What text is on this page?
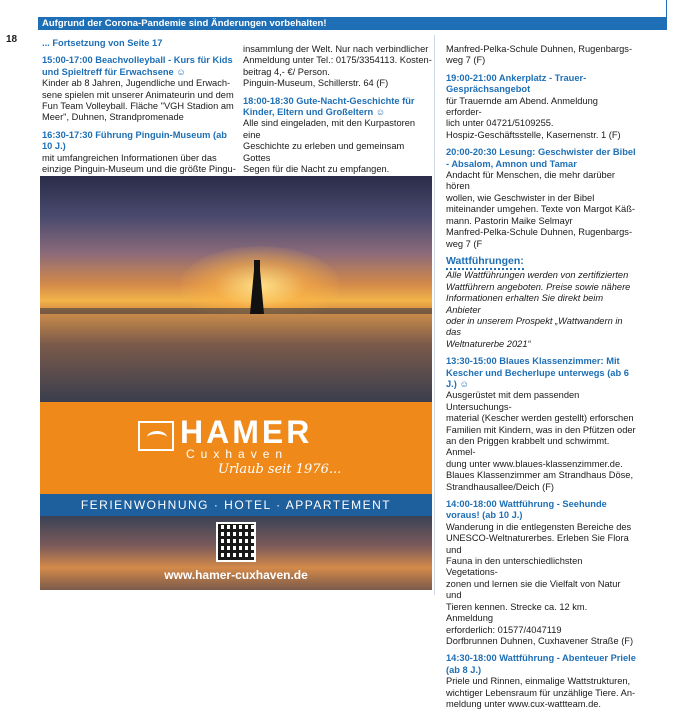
Aufgrund der Corona-Pandemie sind Änderungen vorbehalten!
18	... Fortsetzung von Seite 17

15:00-17:00 Beachvolleyball - Kurs für Kids und Spieltreff für Erwachsene ☺

Kinder ab 8 Jahren, Jugendliche und Erwach-

sene spielen mit unserer Animateurin und dem

Fun Team Volleyball. Fläche "VGH Stadion am

Meer", Duhnen, Strandpromenade

16:30-17:30 Führung Pinguin-Museum (ab 10 J.)

mit umfangreichen Informationen über das

einzige Pinguin-Museum und die größte Pingu-

insammlung der Welt. Nur nach verbindlicher

Anmeldung unter Tel.: 0175/3354113. Kosten-

beitrag 4,- €/ Person.

Pinguin-Museum, Schillerstr. 64 (F)

18:00-18:30 Gute-Nacht-Geschichte für Kinder, Eltern und Großeltern ☺

Alle sind eingeladen, mit den Kurpastoren eine

Geschichte zu erleben und gemeinsam Gottes

Segen für die Nacht zu empfangen.

HAMER
Cuxhaven
Urlaub seit 1976...
FERIENWOHNUNG · HOTEL · APPARTEMENT
www.hamer-cuxhaven.de

Manfred-Pelka-Schule Duhnen, Rugenbargs-

weg 7 (F)

19:00-21:00 Ankerplatz - Trauer-Gesprächsangebot

für Trauernde am Abend. Anmeldung erforder-

lich unter 04721/5109255.

Hospiz-Geschäftsstelle, Kasernenstr. 1 (F)

20:00-20:30 Lesung: Geschwister der Bibel - Absalom, Amnon und Tamar

Andacht für Menschen, die mehr darüber hören

wollen, wie Geschwister in der Bibel

miteinander umgehen. Texte von Margot Käß-

mann. Pastorin Maike Selmayr

Manfred-Pelka-Schule Duhnen, Rugenbargs-

weg 7 (F

Wattführungen:

Alle Wattführungen werden von zertifizierten

Wattführern angeboten. Preise sowie nähere

Informationen erhalten Sie direkt beim Anbieter

oder in unserem Prospekt „Wattwandern in das

Weltnaturerbe 2021“

13:30-15:00 Blaues Klassenzimmer: Mit Kescher und Becherlupe unterwegs (ab 6 J.) ☺

Ausgerüstet mit dem passenden Untersuchungs-

material (Kescher werden gestellt) erforschen

Familien mit Kindern, was in den Pfützen oder

an den Priggen krabbelt und schwimmt. Anmel-

dung unter www.blaues-klassenzimmer.de.

Blaues Klassenzimmer am Strandhaus Döse,

Strandhausallee/Deich (F)

14:00-18:00 Wattführung - Seehunde voraus! (ab 10 J.)

Wanderung in die entlegensten Bereiche des

UNESCO-Weltnaturerbes. Erleben Sie Flora und

Fauna in den unterschiedlichsten Vegetations-

zonen und lernen sie die Vielfalt von Natur und

Tieren kennen. Strecke ca. 12 km. Anmeldung

erforderlich: 01577/4047119

Dorfbrunnen Duhnen, Cuxhavener Straße (F)

14:30-18:00 Wattführung - Abenteuer Priele (ab 8 J.)

Priele und Rinnen, einmalige Wattstrukturen,

wichtiger Lebensraum für unzählige Tiere. An-

meldung unter www.cux-wattteam.de.
